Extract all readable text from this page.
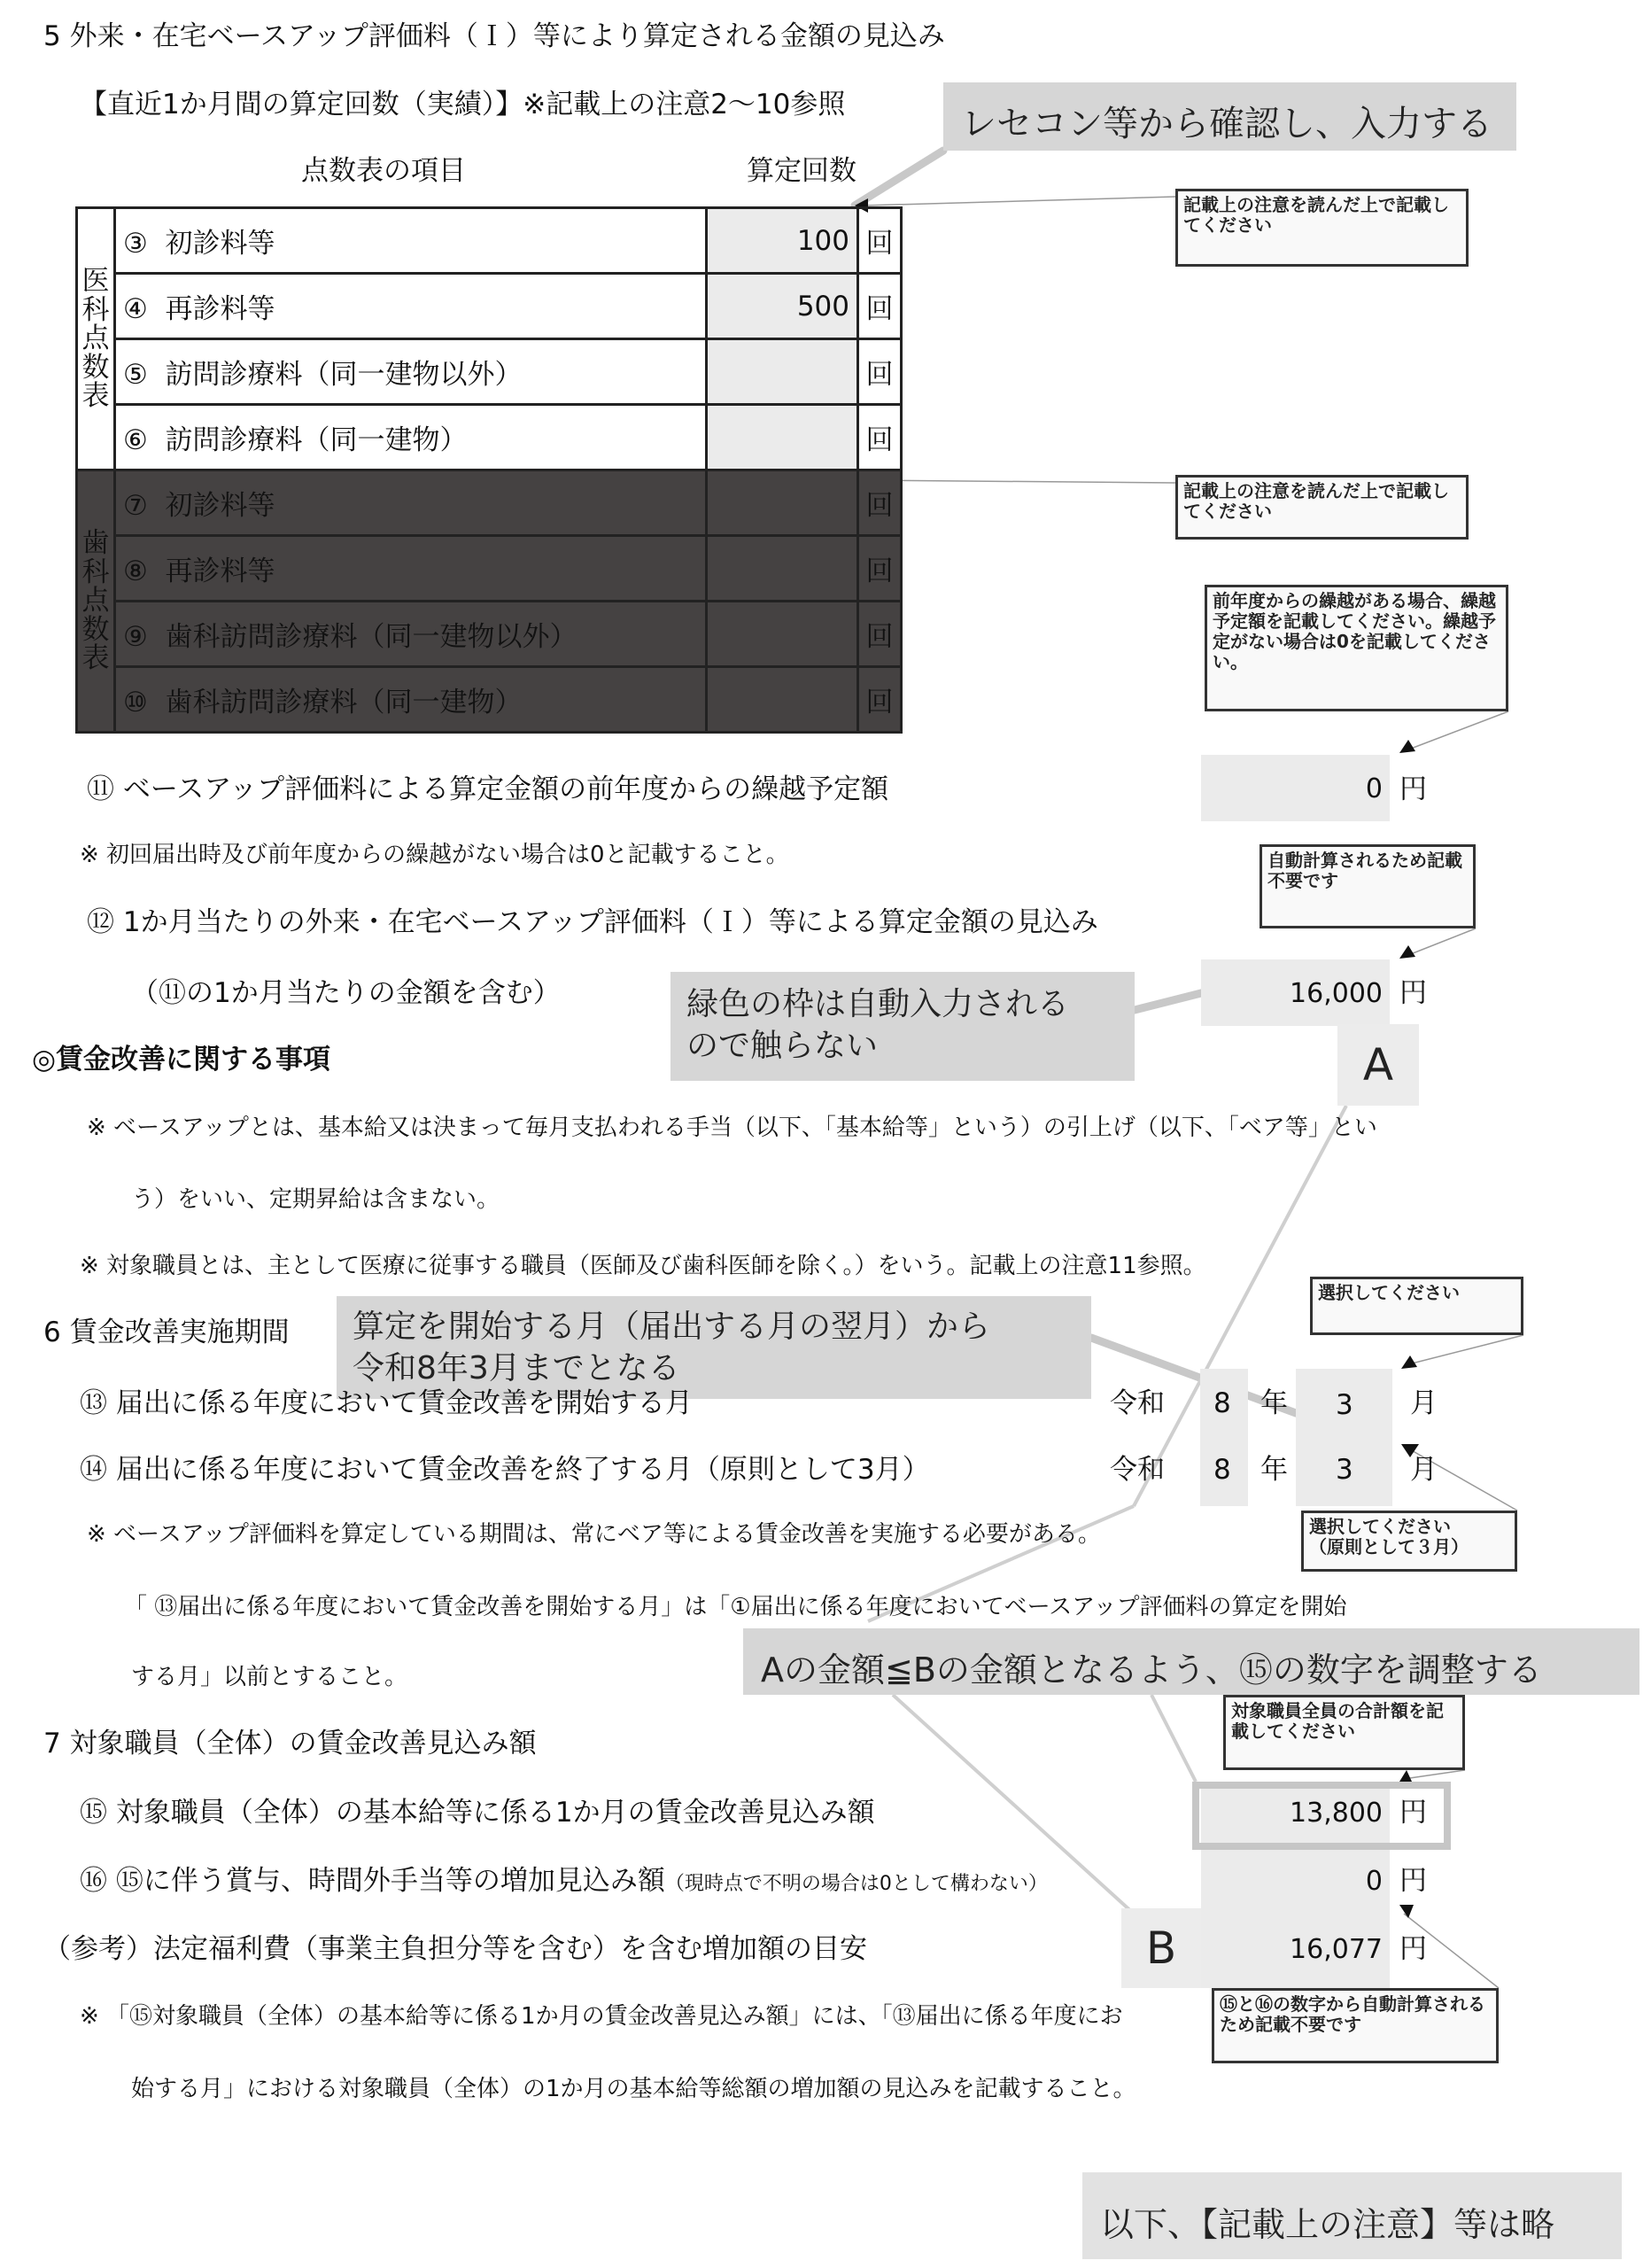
5 外来・在宅ベースアップ評価料（Ｉ）等により算定される金額の見込み
【直近1か月間の算定回数（実績）】※記載上の注意2～10参照	レセコン等から確認し、入力する
点数表の項目	算定回数
医科点数表	③ 初診料等	100	回
	④ 再診料等	500	回
	⑤ 訪問診療料（同一建物以外）		回
	⑥ 訪問診療料（同一建物）		回

歯科点数表	⑦ 初診料等		回
	⑧ 再診料等		回
	⑨ 歯科訪問診療料（同一建物以外）		回
	⑩ 歯科訪問診療料（同一建物）		回
記載上の注意を読んだ上で記載してください
記載上の注意を読んだ上で記載してください
前年度からの繰越がある場合、繰越予定額を記載してください。繰越予定がない場合は0を記載してください。
⑪ ベースアップ評価料による算定金額の前年度からの繰越予定額	0 円
※ 初回届出時及び前年度からの繰越がない場合は0と記載すること。	自動計算されるため記載不要です
⑫ 1か月当たりの外来・在宅ベースアップ評価料（Ｉ）等による算定金額の見込み
（⑪の1か月当たりの金額を含む）	16,000 円
緑色の枠は自動入力される
ので触らない	A
◎賃金改善に関する事項
※ ベースアップとは、基本給又は決まって毎月支払われる手当（以下、「基本給等」という）の引上げ（以下、「ベア等」とい
う）をいい、定期昇給は含まない。
※ 対象職員とは、主として医療に従事する職員（医師及び歯科医師を除く。）をいう。記載上の注意11参照。
選択してください
6 賃金改善実施期間 算定を開始する月（届出する月の翌月）から
令和8年3月までとなる
⑬ 届出に係る年度において賃金改善を開始する月
⑭ 届出に係る年度において賃金改善を終了する月（原則として3月）
令和 8 年 3 月
令和 8 年 3 月
選択してください
（原則として３月）
※ ベースアップ評価料を算定している期間は、常にベア等による賃金改善を実施する必要がある。
「 ⑬届出に係る年度において賃金改善を開始する月」は「①届出に係る年度においてベースアップ評価料の算定を開始
する月」以前とすること。	Aの金額≦Bの金額となるよう、⑮の数字を調整する
対象職員全員の合計額を記載してください
7 対象職員（全体）の賃金改善見込み額
⑮ 対象職員（全体）の基本給等に係る1か月の賃金改善見込み額	13,800 円
⑯ ⑮に伴う賞与、時間外手当等の増加見込み額（現時点で不明の場合は0として構わない）	0 円
（参考）法定福利費（事業主負担分等を含む）を含む増加額の目安	B	16,077 円
※ 「⑮対象職員（全体）の基本給等に係る1か月の賃金改善見込み額」には、「⑬届出に係る年度にお
始する月」における対象職員（全体）の1か月の基本給等総額の増加額の見込みを記載すること。
⑮と⑯の数字から自動計算されるため記載不要です
以下、【記載上の注意】等は略
